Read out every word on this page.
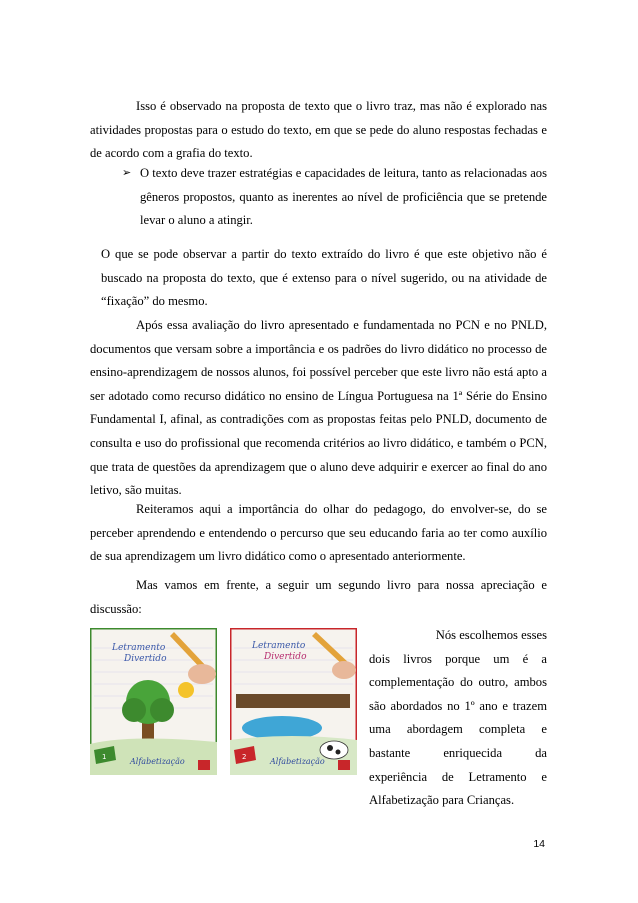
Isso é observado na proposta de texto que o livro traz, mas não é explorado nas atividades propostas para o estudo do texto, em que se pede do aluno respostas fechadas e de acordo com a grafia do texto.

➢ O texto deve trazer estratégias e capacidades de leitura, tanto as relacionadas aos gêneros propostos, quanto as inerentes ao nível de proficiência que se pretende levar o aluno a atingir.

O que se pode observar a partir do texto extraído do livro é que este objetivo não é buscado na proposta do texto, que é extenso para o nível sugerido, ou na atividade de “fixação” do mesmo.

Após essa avaliação do livro apresentado e fundamentada no PCN e no PNLD, documentos que versam sobre a importância e os padrões do livro didático no processo de ensino-aprendizagem de nossos alunos, foi possível perceber que este livro não está apto a ser adotado como recurso didático no ensino de Língua Portuguesa na 1ª Série do Ensino Fundamental I, afinal, as contradições com as propostas feitas pelo PNLD, documento de consulta e uso do profissional que recomenda critérios ao livro didático, e também o PCN, que trata de questões da aprendizagem que o aluno deve adquirir e exercer ao final do ano letivo, são muitas.

Reiteramos aqui a importância do olhar do pedagogo, do envolver-se, do se perceber aprendendo e entendendo o percurso que seu educando faria ao ter como auxílio de sua aprendizagem um livro didático como o apresentado anteriormente.

Mas vamos em frente, a seguir um segundo livro para nossa apreciação e discussão:

Letramento
Divertido
Alfabetização
1
Letramento
Divertido
Alfabetização
2

Nós escolhemos esses
dois livros porque um é a complementação do outro, ambos são abordados no 1º ano e trazem uma abordagem completa e bastante enriquecida da experiência de Letramento e Alfabetização para Crianças.

14
